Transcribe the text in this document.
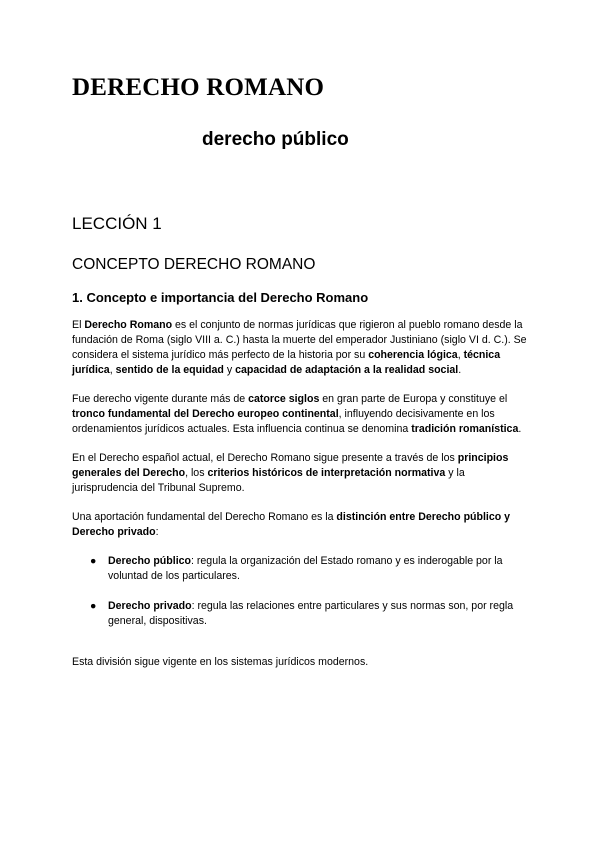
DERECHO ROMANO
derecho público
LECCIÓN 1
CONCEPTO DERECHO ROMANO
1. Concepto e importancia del Derecho Romano

El Derecho Romano es el conjunto de normas jurídicas que rigieron al pueblo romano desde la fundación de Roma (siglo VIII a. C.) hasta la muerte del emperador Justiniano (siglo VI d. C.). Se considera el sistema jurídico más perfecto de la historia por su coherencia lógica, técnica jurídica, sentido de la equidad y capacidad de adaptación a la realidad social.

Fue derecho vigente durante más de catorce siglos en gran parte de Europa y constituye el tronco fundamental del Derecho europeo continental, influyendo decisivamente en los ordenamientos jurídicos actuales. Esta influencia continua se denomina tradición romanística.

En el Derecho español actual, el Derecho Romano sigue presente a través de los principios generales del Derecho, los criterios históricos de interpretación normativa y la jurisprudencia del Tribunal Supremo.

Una aportación fundamental del Derecho Romano es la distinción entre Derecho público y Derecho privado:

● Derecho público: regula la organización del Estado romano y es inderogable por la voluntad de los particulares.
● Derecho privado: regula las relaciones entre particulares y sus normas son, por regla general, dispositivas.

Esta división sigue vigente en los sistemas jurídicos modernos.
